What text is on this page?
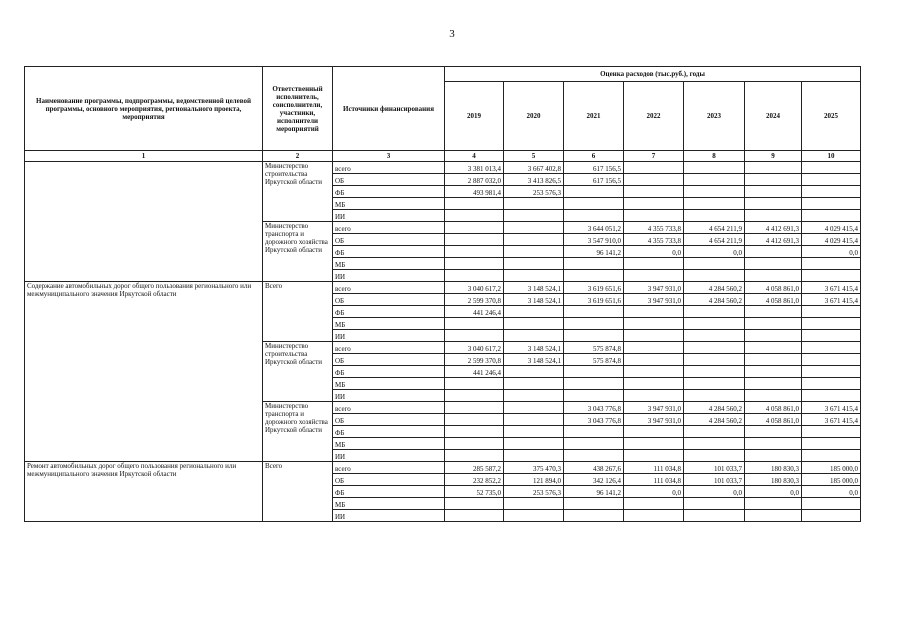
3
Наименование программы, подпрограммы, ведомственной целевой программы, основного мероприятия, регионального проекта, мероприятия	Ответственный исполнитель, соисполнители, участники, исполнители мероприятий	Источники финансирования	Оценка расходов (тыс.руб.), годы						
			2019	2020	2021	2022	2023	2024	2025
1	2	3	4	5	6	7	8	9	10
	Министерство строительства Иркутской области	всего	3 381 013,4	3 667 402,8	617 156,5				
		ОБ	2 887 032,0	3 413 826,5	617 156,5				
		ФБ	493 981,4	253 576,3					
		МБ							
		ИИ							
	Министерство транспорта и дорожного хозяйства Иркутской области	всего			3 644 051,2	4 355 733,8	4 654 211,9	4 412 691,3	4 029 415,4
		ОБ			3 547 910,0	4 355 733,8	4 654 211,9	4 412 691,3	4 029 415,4
		ФБ			96 141,2	0,0	0,0		0,0
		МБ							
		ИИ							
Содержание автомобильных дорог общего пользования регионального или межмуниципального значения Иркутской области	Всего	всего	3 040 617,2	3 148 524,1	3 619 651,6	3 947 931,0	4 284 560,2	4 058 861,0	3 671 415,4
		ОБ	2 599 370,8	3 148 524,1	3 619 651,6	3 947 931,0	4 284 560,2	4 058 861,0	3 671 415,4
		ФБ	441 246,4						
		МБ							
		ИИ							
	Министерство строительства Иркутской области	всего	3 040 617,2	3 148 524,1	575 874,8				
		ОБ	2 599 370,8	3 148 524,1	575 874,8				
		ФБ	441 246,4						
		МБ							
		ИИ							
	Министерство транспорта и дорожного хозяйства Иркутской области	всего			3 043 776,8	3 947 931,0	4 284 560,2	4 058 861,0	3 671 415,4
		ОБ			3 043 776,8	3 947 931,0	4 284 560,2	4 058 861,0	3 671 415,4
		ФБ							
		МБ							
		ИИ							
Ремонт автомобильных дорог общего пользования регионального или межмуниципального значения Иркутской области	Всего	всего	285 587,2	375 470,3	438 267,6	111 034,8	101 033,7	180 830,3	185 000,0
		ОБ	232 852,2	121 894,0	342 126,4	111 034,8	101 033,7	180 830,3	185 000,0
		ФБ	52 735,0	253 576,3	96 141,2	0,0	0,0	0,0	0,0
		МБ							
		ИИ							
